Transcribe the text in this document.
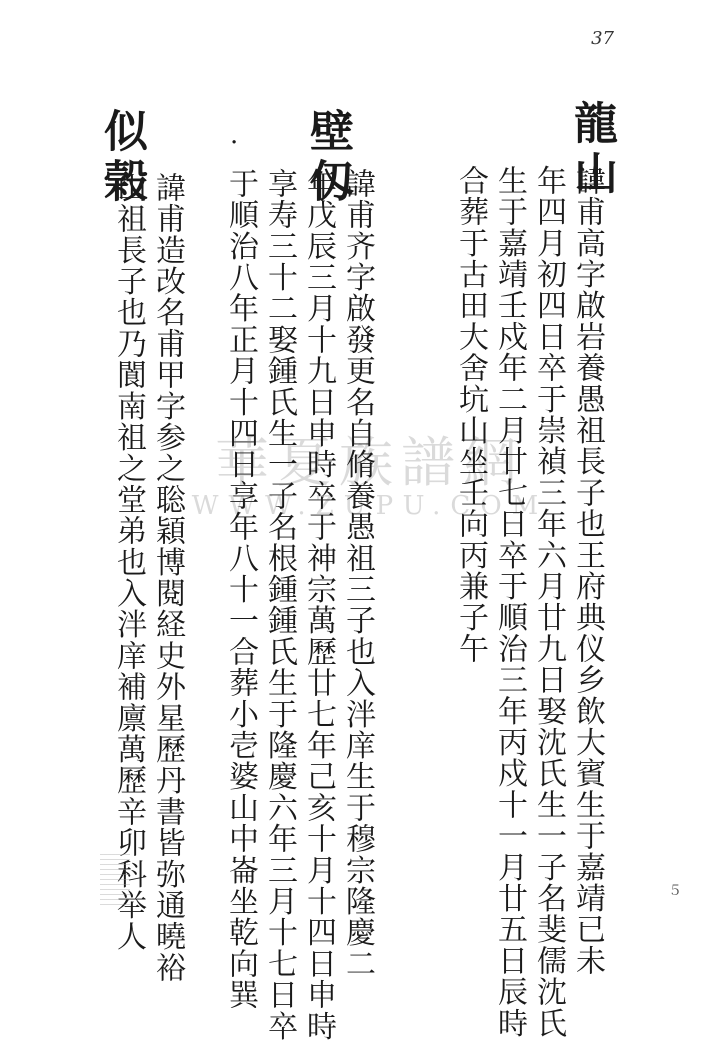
37
華夏族譜網
WWW.ZUPU.COM
龍山
諱甫高字啟岩養愚祖長子也王府典仪乡飲大賓生于嘉靖已未
年四月初四日卒于崇禎三年六月廿九日娶沈氏生一子名斐儒沈氏
生于嘉靖壬戍年二月廿七日卒于順治三年丙戍十一月廿五日辰時
合葬于古田大舍坑山坐壬向丙兼子午
壁仭
諱甫齐字啟發更名自脩養愚祖三子也入泮庠生于穆宗隆慶二
年戊辰三月十九日申時卒于神宗萬歷廿七年己亥十月十四日申時
享寿三十二娶鍾氏生一子名根鍾鍾氏生于隆慶六年三月十七日卒
于順治八年正月十四日享年八十一合葬小壱婆山中崙坐乾向巽
·
似榖
諱甫造改名甫甲字参之聡穎博閱経史外星歷丹書皆弥通曉裕
山祖長子也乃閬南祖之堂弟也入泮庠補廪萬歷辛卯科举人	５
